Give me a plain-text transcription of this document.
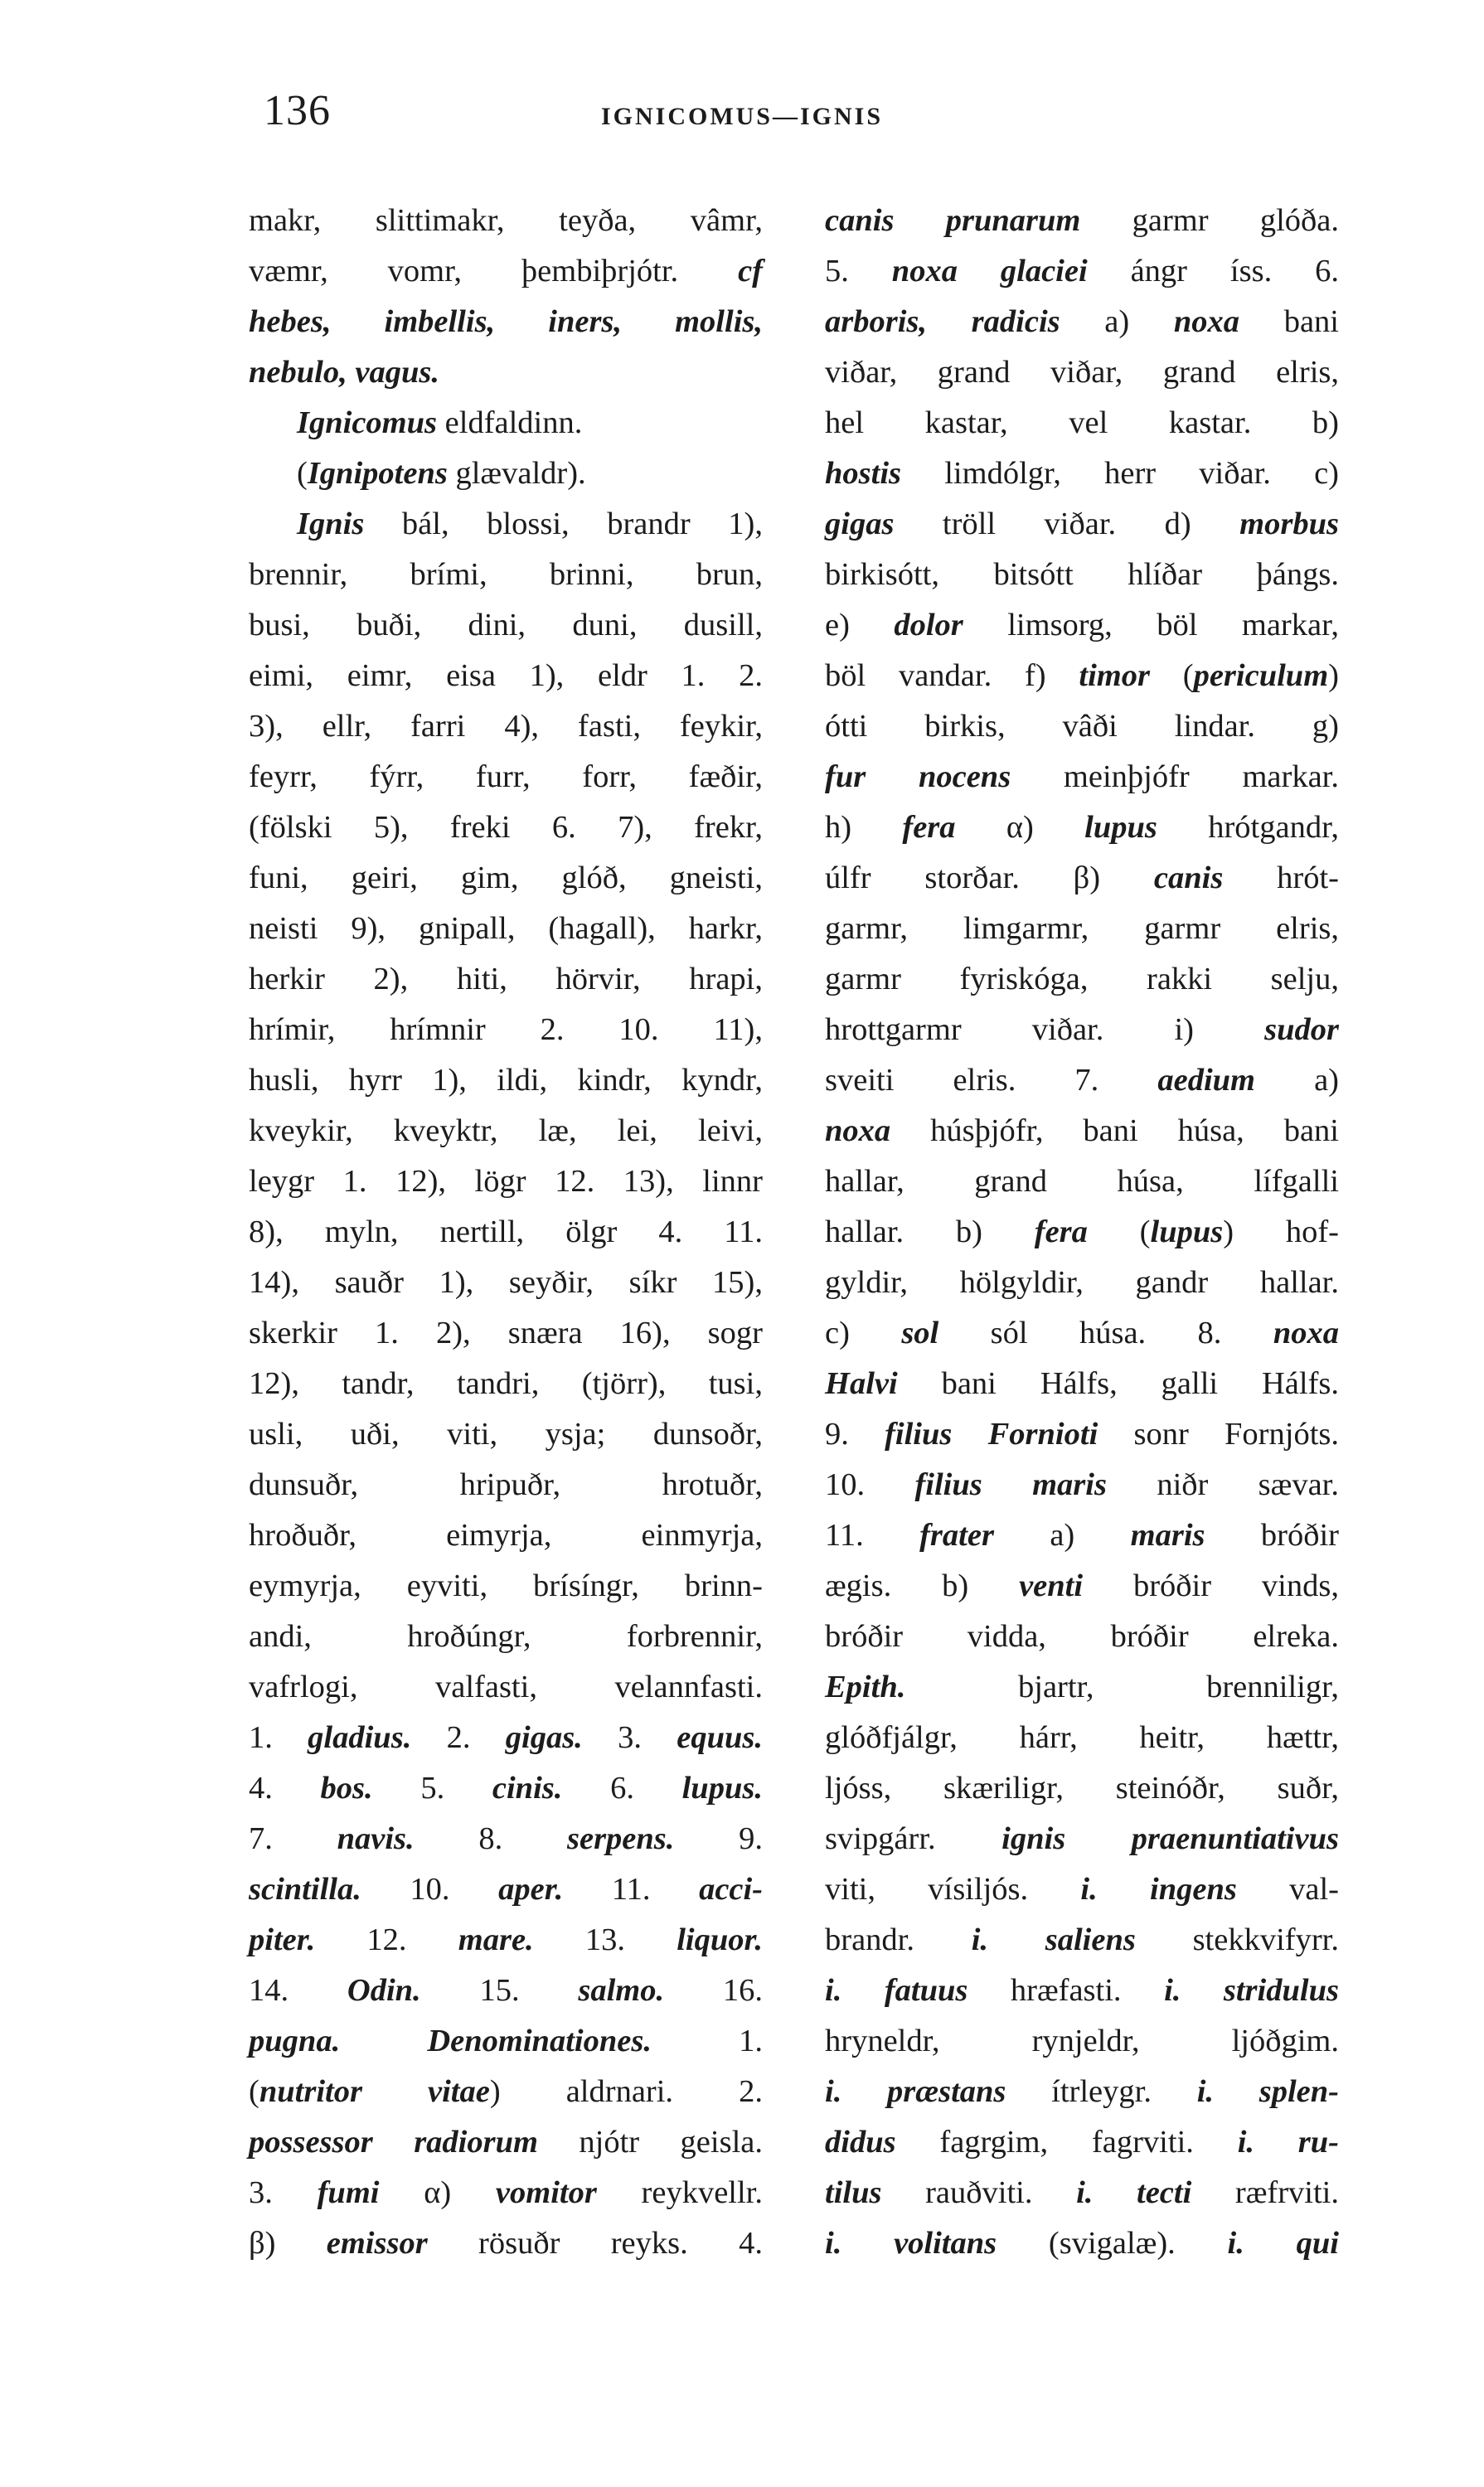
136	IGNICOMUS—IGNIS
makr, slittimakr, teyða, vâmr,
væmr, vomr, þembiþrjótr. cf
hebes, imbellis, iners, mollis,
nebulo, vagus.
Ignicomus eldfaldinn.
(Ignipotens glævaldr).
Ignis bál, blossi, brandr 1),
brennir, brími, brinni, brun,
busi, buði, dini, duni, dusill,
eimi, eimr, eisa 1), eldr 1. 2.
3), ellr, farri 4), fasti, feykir,
feyrr, fýrr, furr, forr, fæðir,
(fölski 5), freki 6. 7), frekr,
funi, geiri, gim, glóð, gneisti,
neisti 9), gnipall, (hagall), harkr,
herkir 2), hiti, hörvir, hrapi,
hrímir, hrímnir 2. 10. 11),
husli, hyrr 1), ildi, kindr, kyndr,
kveykir, kveyktr, læ, lei, leivi,
leygr 1. 12), lögr 12. 13), linnr
8), myln, nertill, ölgr 4. 11.
14), sauðr 1), seyðir, síkr 15),
skerkir 1. 2), snæra 16), sogr
12), tandr, tandri, (tjörr), tusi,
usli, uði, viti, ysja; dunsoðr,
dunsuðr, hripuðr, hrotuðr,
hroðuðr, eimyrja, einmyrja,
eymyrja, eyviti, brísíngr, brinn-
andi, hroðúngr, forbrennir,
vafrlogi, valfasti, velannfasti.
1. gladius. 2. gigas. 3. equus.
4. bos. 5. cinis. 6. lupus.
7. navis. 8. serpens. 9.
scintilla. 10. aper. 11. acci-
piter. 12. mare. 13. liquor.
14. Odin. 15. salmo. 16.
pugna. Denominationes. 1.
(nutritor vitae) aldrnari. 2.
possessor radiorum njótr geisla.
3. fumi α) vomitor reykvellr.
β) emissor rösuðr reyks. 4.
canis prunarum garmr glóða.
5. noxa glaciei ángr íss. 6.
arboris, radicis a) noxa bani
viðar, grand viðar, grand elris,
hel kastar, vel kastar. b)
hostis limdólgr, herr viðar. c)
gigas tröll viðar. d) morbus
birkisótt, bitsótt hlíðar þángs.
e) dolor limsorg, böl markar,
böl vandar. f) timor (periculum)
ótti birkis, vâði lindar. g)
fur nocens meinþjófr markar.
h) fera α) lupus hrótgandr,
úlfr storðar. β) canis hrót-
garmr, limgarmr, garmr elris,
garmr fyriskóga, rakki selju,
hrottgarmr viðar. i) sudor
sveiti elris. 7. aedium a)
noxa húsþjófr, bani húsa, bani
hallar, grand húsa, lífgalli
hallar. b) fera (lupus) hof-
gyldir, hölgyldir, gandr hallar.
c) sol sól húsa. 8. noxa
Halvi bani Hálfs, galli Hálfs.
9. filius Fornioti sonr Fornjóts.
10. filius maris niðr sævar.
11. frater a) maris bróðir
ægis. b) venti bróðir vinds,
bróðir vidda, bróðir elreka.
Epith. bjartr, brenniligr,
glóðfjálgr, hárr, heitr, hættr,
ljóss, skæriligr, steinóðr, suðr,
svipgárr. ignis praenuntiativus
viti, vísiljós. i. ingens val-
brandr. i. saliens stekkvifyrr.
i. fatuus hræfasti. i. stridulus
hryneldr, rynjeldr, ljóðgim.
i. præstans ítrleygr. i. splen-
didus fagrgim, fagrviti. i. ru-
tilus rauðviti. i. tecti ræfrviti.
i. volitans (svigalæ). i. qui
